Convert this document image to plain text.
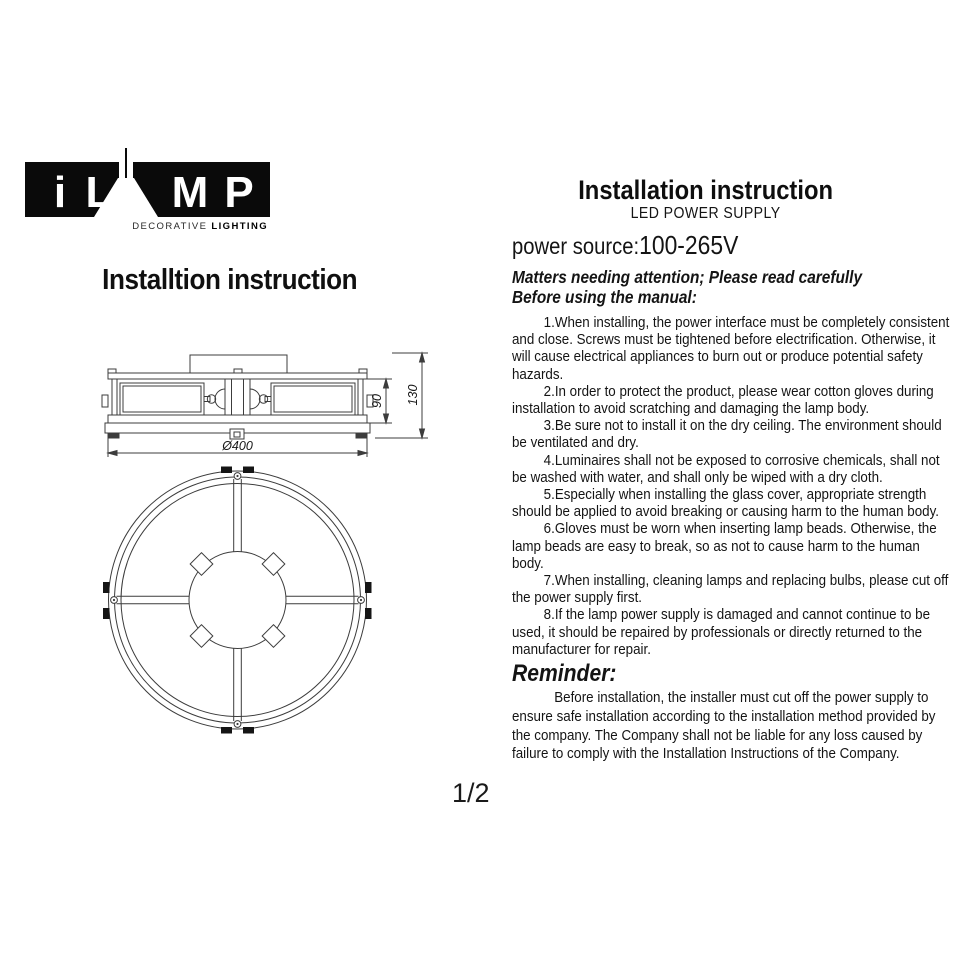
i L M P
DECORATIVE LIGHTING
Installtion instruction
Ø400
90 130
1/2
Installation instruction
LED POWER SUPPLY
power source:100-265V
Matters needing attention; Please read carefully
Before using the manual:

1.When installing, the power interface must be completely consistent and close. Screws must be tightened before electrification. Otherwise, it will cause electrical appliances to burn out or produce potential safety hazards.

2.In order to protect the product, please wear cotton gloves during installation to avoid scratching and damaging the lamp body.

3.Be sure not to install it on the dry ceiling. The environment should be ventilated and dry.

4.Luminaires shall not be exposed to corrosive chemicals, shall not be washed with water, and shall only be wiped with a dry cloth.

5.Especially when installing the glass cover, appropriate strength should be applied to avoid breaking or causing harm to the human body.

6.Gloves must be worn when inserting lamp beads. Otherwise, the lamp beads are easy to break, so as not to cause harm to the human body.

7.When installing, cleaning lamps and replacing bulbs, please cut off the power supply first.

8.If the lamp power supply is damaged and cannot continue to be used, it should be repaired by professionals or directly returned to the manufacturer for repair.

Reminder:

Before installation, the installer must cut off the power supply to ensure safe installation according to the installation method provided by the company. The Company shall not be liable for any loss caused by failure to comply with the Installation Instructions of the Company.
